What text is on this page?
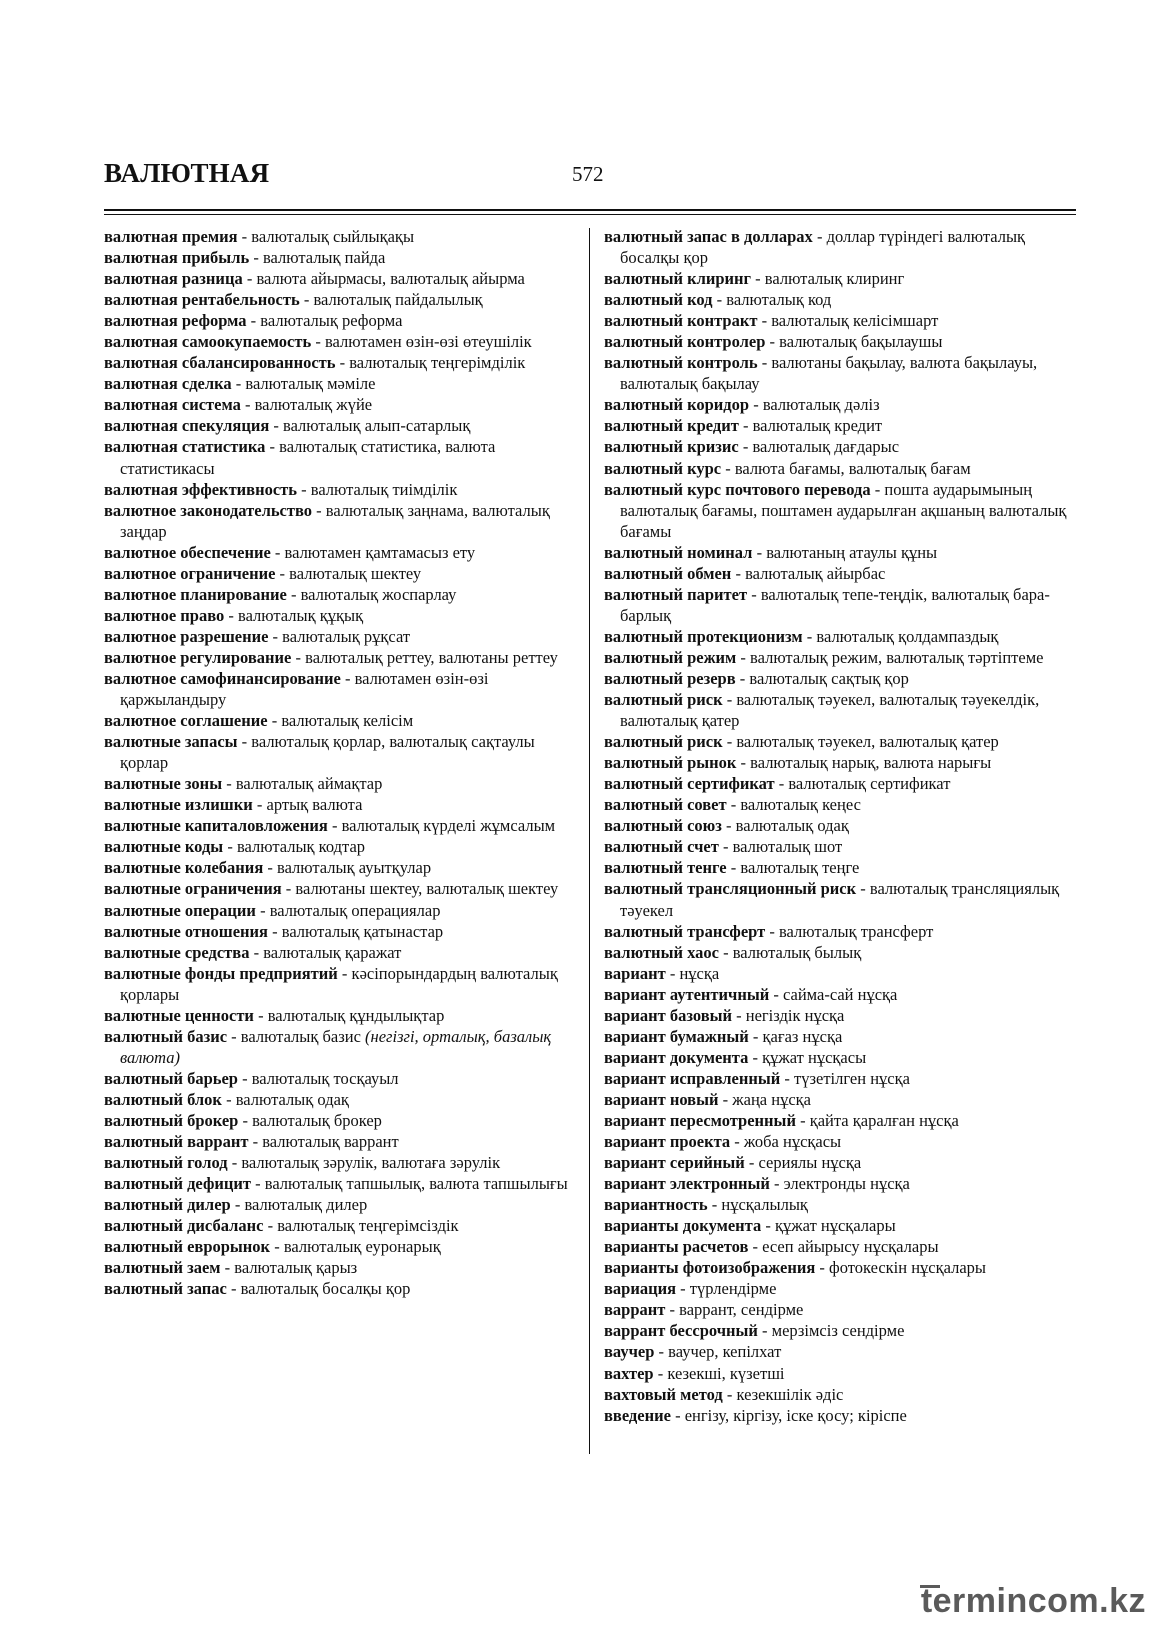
ВАЛЮТНАЯ	572

валютная премия - валюталық сыйлықақы

валютная прибыль - валюталық пайда

валютная разница - валюта айырмасы, валюталық айырма

валютная рентабельность - валюталық пайдалылық

валютная реформа - валюталық реформа

валютная самоокупаемость - валютамен өзін-өзі өтеушілік

валютная сбалансированность - валюталық теңгерімділік

валютная сделка - валюталық мәміле

валютная система - валюталық жүйе

валютная спекуляция - валюталық алып-сатарлық

валютная статистика - валюталық статистика, валюта статистикасы

валютная эффективность - валюталық тиімділік

валютное законодательство - валюталық заңнама, валюталық заңдар

валютное обеспечение - валютамен қамтамасыз ету

валютное ограничение - валюталық шектеу

валютное планирование - валюталық жоспарлау

валютное право - валюталық құқық

валютное разрешение - валюталық рұқсат

валютное регулирование - валюталық реттеу, валютаны реттеу

валютное самофинансирование - валютамен өзін-өзі қаржыландыру

валютное соглашение - валюталық келісім

валютные запасы - валюталық қорлар, валюталық сақтаулы қорлар

валютные зоны - валюталық аймақтар

валютные излишки - артық валюта

валютные капиталовложения - валюталық күрделі жұмсалым

валютные коды - валюталық кодтар

валютные колебания - валюталық ауытқулар

валютные ограничения - валютаны шектеу, валюталық шектеу

валютные операции - валюталық операциялар

валютные отношения - валюталық қатынастар

валютные средства - валюталық қаражат

валютные фонды предприятий - кәсіпорындардың валюталық қорлары

валютные ценности - валюталық құндылықтар

валютный базис - валюталық базис (негізгі, орталық, базалық валюта)

валютный барьер - валюталық тосқауыл

валютный блок - валюталық одақ

валютный брокер - валюталық брокер

валютный варрант - валюталық варрант

валютный голод - валюталық зәрулік, валютаға зәрулік

валютный дефицит - валюталық тапшылық, валюта тапшылығы

валютный дилер - валюталық дилер

валютный дисбаланс - валюталық теңгерімсіздік

валютный еврорынок - валюталық еуронарық

валютный заем - валюталық қарыз

валютный запас - валюталық босалқы қор

валютный запас в долларах - доллар түріндегі валюталық босалқы қор

валютный клиринг - валюталық клиринг

валютный код - валюталық код

валютный контракт - валюталық келісімшарт

валютный контролер - валюталық бақылаушы

валютный контроль - валютаны бақылау, валюта бақылауы, валюталық бақылау

валютный коридор - валюталық дәліз

валютный кредит - валюталық кредит

валютный кризис - валюталық дағдарыс

валютный курс - валюта бағамы, валюталық бағам

валютный курс почтового перевода - пошта аударымының валюталық бағамы, поштамен аударылған ақшаның валюталық бағамы

валютный номинал - валютаның атаулы құны

валютный обмен - валюталық айырбас

валютный паритет - валюталық тепе-теңдік, валюталық бара-барлық

валютный протекционизм - валюталық қолдампаздық

валютный режим - валюталық режим, валюталық тәртіптеме

валютный резерв - валюталық сақтық қор

валютный риск - валюталық тәуекел, валюталық тәуекелдік, валюталық қатер

валютный риск - валюталық тәуекел, валюталық қатер

валютный рынок - валюталық нарық, валюта нарығы

валютный сертификат - валюталық сертификат

валютный совет - валюталық кеңес

валютный союз - валюталық одақ

валютный счет - валюталық шот

валютный тенге - валюталық теңге

валютный трансляционный риск - валюталық трансляциялық тәуекел

валютный трансферт - валюталық трансферт

валютный хаос - валюталық былық

вариант - нұсқа

вариант аутентичный - сайма-сай нұсқа

вариант базовый - негіздік нұсқа

вариант бумажный - қағаз нұсқа

вариант документа - құжат нұсқасы

вариант исправленный - түзетілген нұсқа

вариант новый - жаңа нұсқа

вариант пересмотренный - қайта қаралған нұсқа

вариант проекта - жоба нұсқасы

вариант серийный - сериялы нұсқа

вариант электронный - электронды нұсқа

вариантность - нұсқалылық

варианты документа - құжат нұсқалары

варианты расчетов - есеп айырысу нұсқалары

варианты фотоизображения - фотокескін нұсқалары

вариация - түрлендірме

варрант - варрант, сендірме

варрант бессрочный - мерзімсіз сендірме

ваучер - ваучер, кепілхат

вахтер - кезекші, күзетші

вахтовый метод - кезекшілік әдіс

введение - енгізу, кіргізу, іске қосу; кіріспе

termincom.kz
